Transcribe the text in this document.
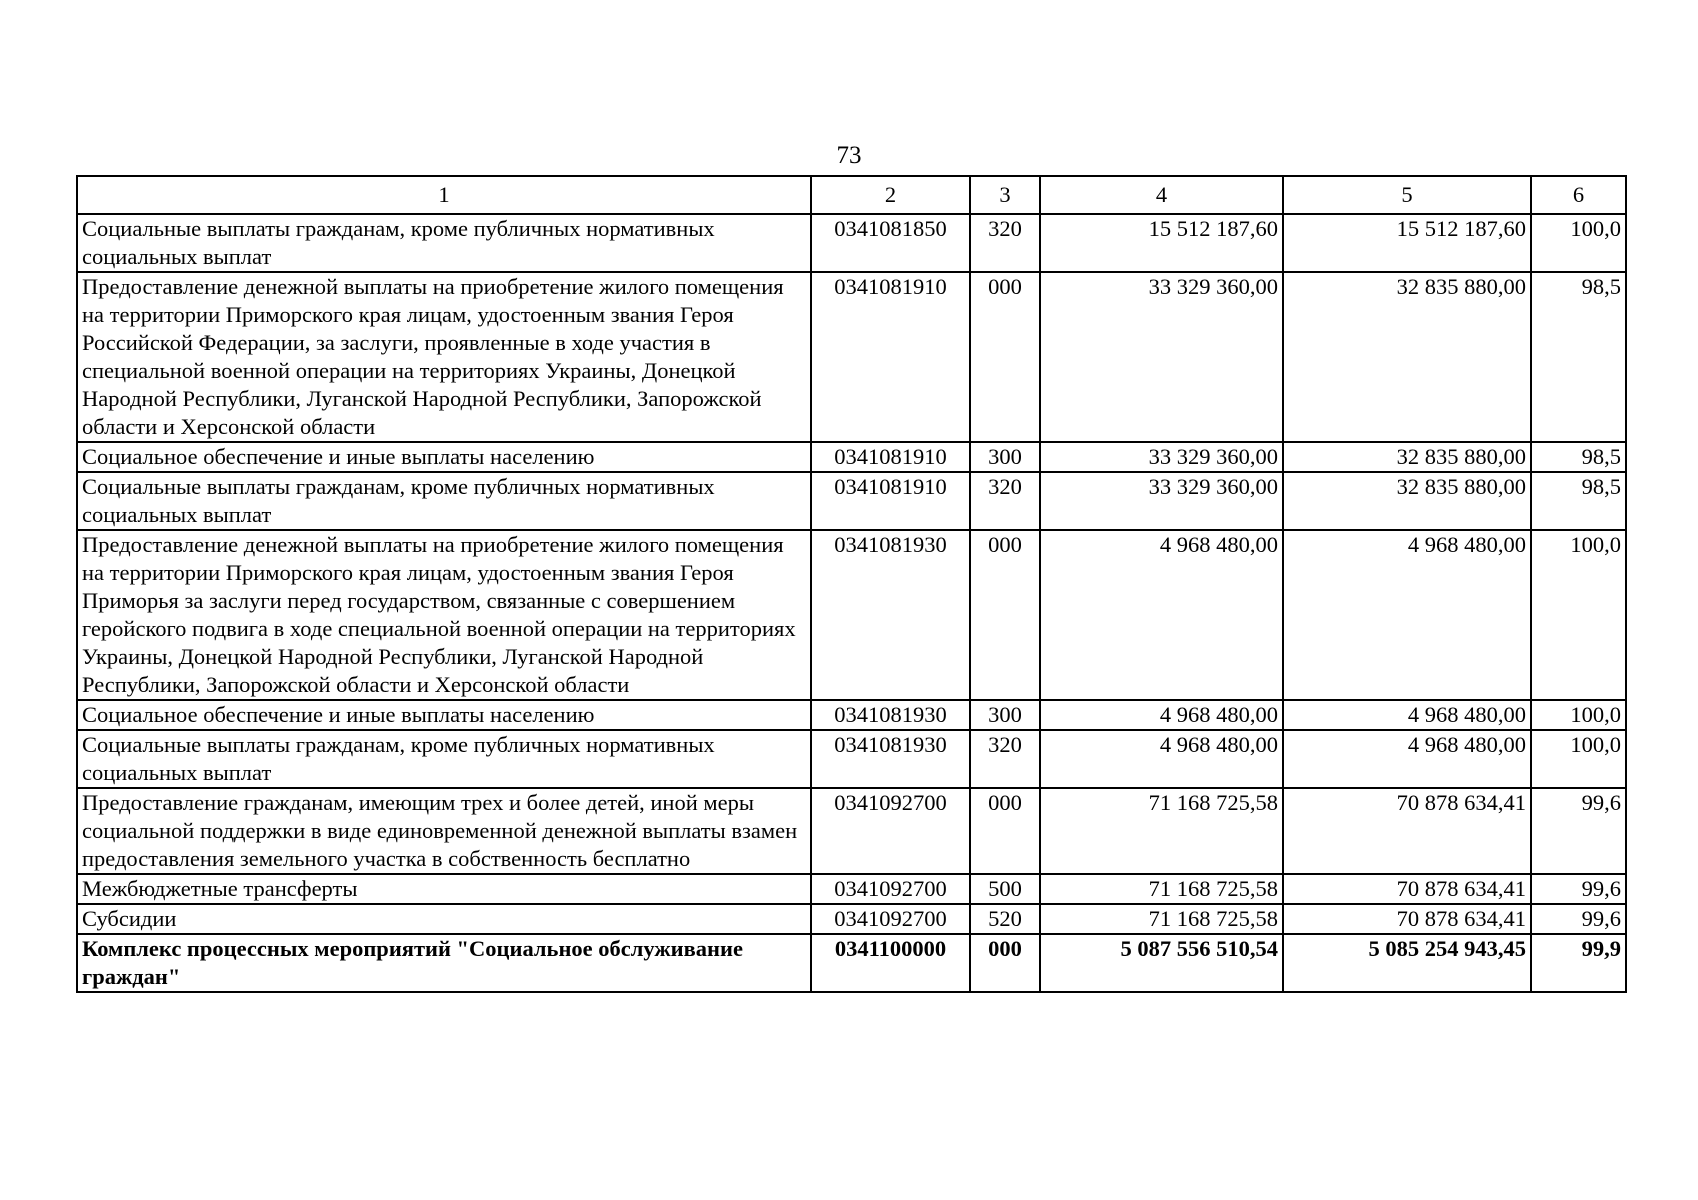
73
1	2	3	4	5	6
Социальные выплаты гражданам, кроме публичных нормативных социальных выплат	0341081850	320	15 512 187,60	15 512 187,60	100,0
Предоставление денежной выплаты на приобретение жилого помещения на территории Приморского края лицам, удостоенным звания Героя Российской Федерации, за заслуги, проявленные в ходе участия в специальной военной операции на территориях Украины, Донецкой Народной Республики, Луганской Народной Республики, Запорожской области и Херсонской области	0341081910	000	33 329 360,00	32 835 880,00	98,5
Социальное обеспечение и иные выплаты населению	0341081910	300	33 329 360,00	32 835 880,00	98,5
Социальные выплаты гражданам, кроме публичных нормативных социальных выплат	0341081910	320	33 329 360,00	32 835 880,00	98,5
Предоставление денежной выплаты на приобретение жилого помещения на территории Приморского края лицам, удостоенным звания Героя Приморья за заслуги перед государством, связанные с совершением геройского подвига в ходе специальной военной операции на территориях Украины, Донецкой Народной Республики, Луганской Народной Республики, Запорожской области и Херсонской области	0341081930	000	4 968 480,00	4 968 480,00	100,0
Социальное обеспечение и иные выплаты населению	0341081930	300	4 968 480,00	4 968 480,00	100,0
Социальные выплаты гражданам, кроме публичных нормативных социальных выплат	0341081930	320	4 968 480,00	4 968 480,00	100,0
Предоставление гражданам, имеющим трех и более детей, иной меры социальной поддержки в виде единовременной денежной выплаты взамен предоставления земельного участка в собственность бесплатно	0341092700	000	71 168 725,58	70 878 634,41	99,6
Межбюджетные трансферты	0341092700	500	71 168 725,58	70 878 634,41	99,6
Субсидии	0341092700	520	71 168 725,58	70 878 634,41	99,6
Комплекс процессных мероприятий "Социальное обслуживание граждан"	0341100000	000	5 087 556 510,54	5 085 254 943,45	99,9
